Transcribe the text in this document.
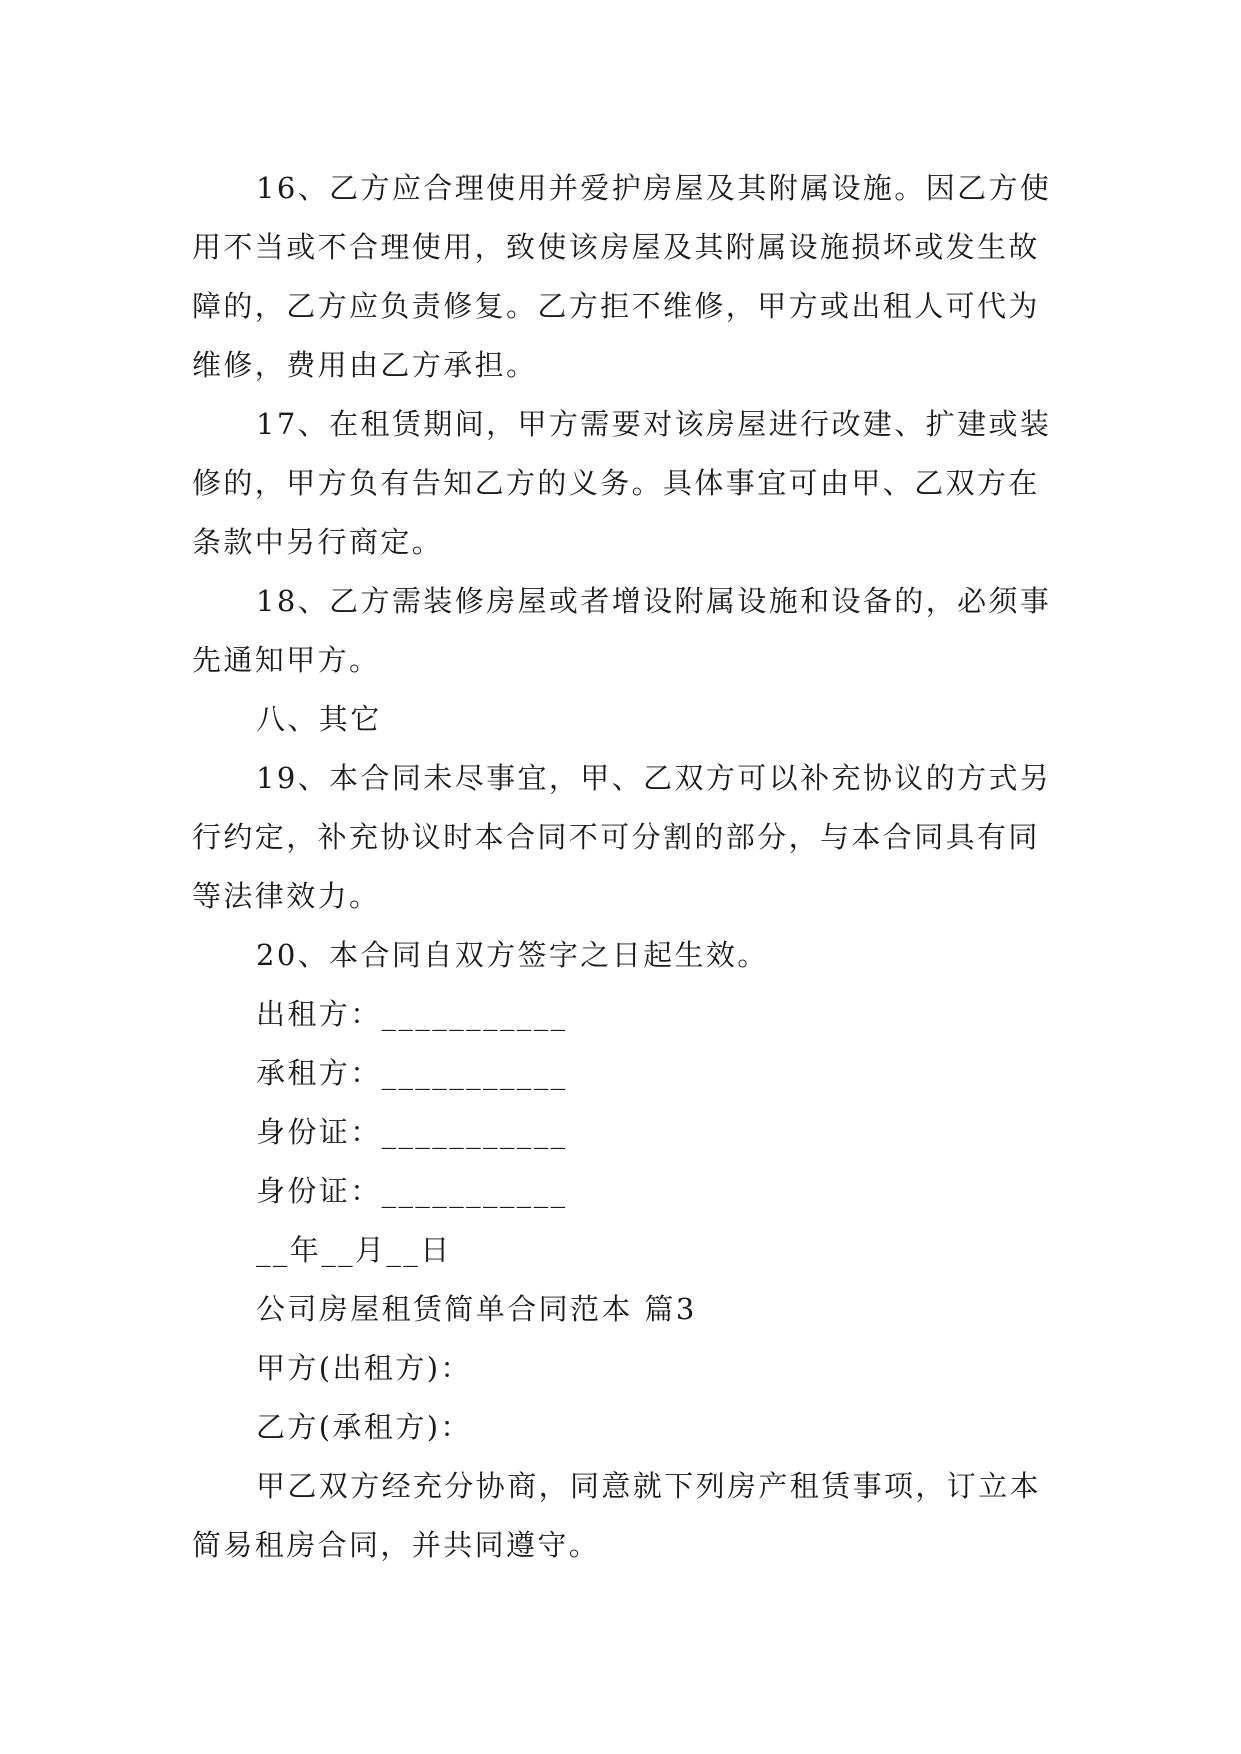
16、乙方应合理使用并爱护房屋及其附属设施。因乙方使用不当或不合理使用，致使该房屋及其附属设施损坏或发生故障的，乙方应负责修复。乙方拒不维修，甲方或出租人可代为维修，费用由乙方承担。

17、在租赁期间，甲方需要对该房屋进行改建、扩建或装修的，甲方负有告知乙方的义务。具体事宜可由甲、乙双方在条款中另行商定。

18、乙方需装修房屋或者增设附属设施和设备的，必须事先通知甲方。

八、其它

19、本合同未尽事宜，甲、乙双方可以补充协议的方式另行约定，补充协议时本合同不可分割的部分，与本合同具有同等法律效力。

20、本合同自双方签字之日起生效。

出租方：___________

承租方：___________

身份证：___________

身份证：___________

__年__月__日

公司房屋租赁简单合同范本 篇3

甲方(出租方)：

乙方(承租方)：

甲乙双方经充分协商，同意就下列房产租赁事项，订立本简易租房合同，并共同遵守。
